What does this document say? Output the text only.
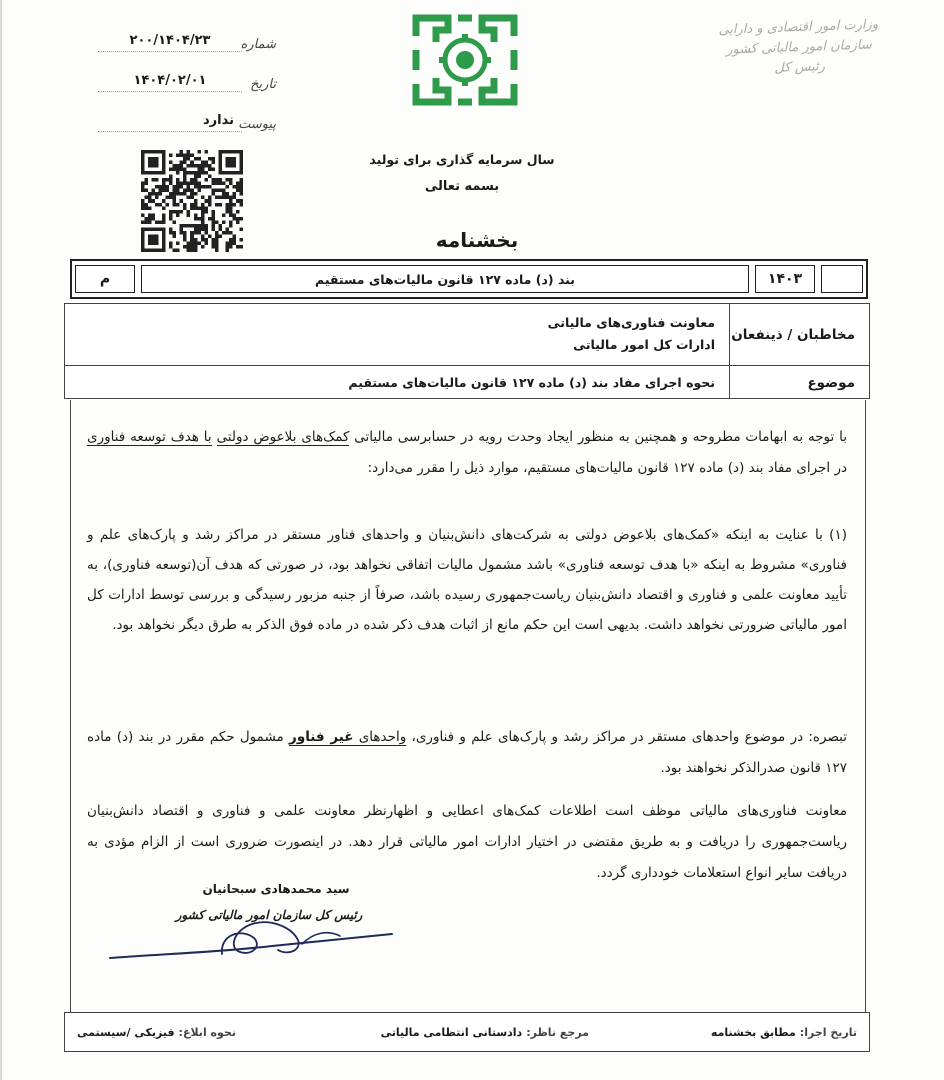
وزارت امور اقتصادی و دارایی
سازمان امور مالیاتی کشور
رئیس کل
شماره
۲۰۰/۱۴۰۴/۲۳
تاریخ
۱۴۰۴/۰۲/۰۱
پیوست
ندارد
سال سرمایه گذاری برای تولید
بسمه تعالی
بخشنامه
۱۴۰۳
بند (د) ماده ۱۲۷ قانون مالیات‌های مستقیم
م
مخاطبان / ذینفعان
معاونت فناوری‌های مالیاتی
ادارات کل امور مالیاتی
موضوع
نحوه اجرای مفاد بند (د) ماده ۱۲۷ قانون مالیات‌های مستقیم

با توجه به ابهامات مطروحه و همچنین به منظور ایجاد وحدت رویه در حسابرسی مالیاتی کمک‌های بلاعوض دولتی با هدف توسعه فناوری در اجرای مفاد بند (د) ماده ۱۲۷ قانون مالیات‌های مستقیم، موارد ذیل را مقرر می‌دارد:

(۱) با عنایت به اینکه «کمک‌های بلاعوض دولتی به شرکت‌های دانش‌بنیان و واحدهای فناور مستقر در مراکز رشد و پارک‌های علم و فناوری» مشروط به اینکه «با هدف توسعه فناوری» باشد مشمول مالیات اتفاقی نخواهد بود، در صورتی که هدف آن(توسعه فناوری)، به تأیید معاونت علمی و فناوری و اقتصاد دانش‌بنیان ریاست‌جمهوری رسیده باشد، صرفاً از جنبه مزبور رسیدگی و بررسی توسط ادارات کل امور مالیاتی ضرورتی نخواهد داشت. بدیهی است این حکم مانع از اثبات هدف ذکر شده در ماده فوق الذکر به طرق دیگر نخواهد بود.

تبصره: در موضوع واحدهای مستقر در مراکز رشد و پارک‌های علم و فناوری، واحدهای غیر فناور مشمول حکم مقرر در بند (د) ماده ۱۲۷ قانون صدرالذکر نخواهند بود.

معاونت فناوری‌های مالیاتی موظف است اطلاعات کمک‌های اعطایی و اظهارنظر معاونت علمی و فناوری و اقتصاد دانش‌بنیان ریاست‌جمهوری را دریافت و به طریق مقتضی در اختیار ادارات امور مالیاتی قرار دهد. در اینصورت ضروری است از الزام مؤدی به دریافت سایر انواع استعلامات خودداری گردد.

سید محمدهادی سبحانیان
رئیس کل سازمان امور مالیاتی کشور
تاریخ اجرا:
مطابق بخشنامه
مرجع ناظر:
دادستانی انتظامی مالیاتی
نحوه ابلاغ:
فیزیکی /سیستمی
